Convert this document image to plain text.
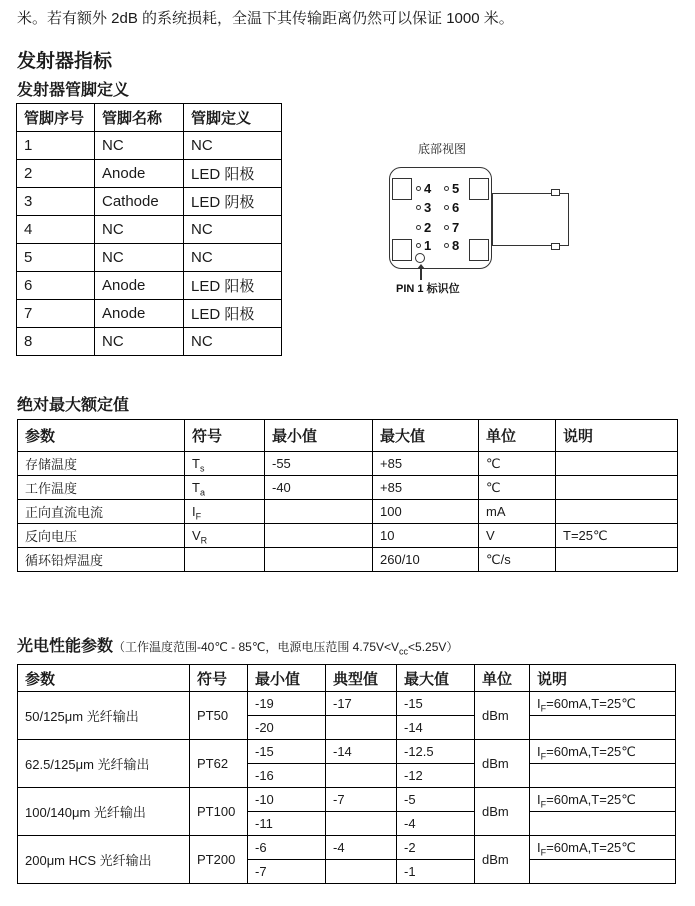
米。若有额外 2dB 的系统损耗，全温下其传输距离仍然可以保证 1000 米。
发射器指标
发射器管脚定义
管脚序号	管脚名称	管脚定义
1	NC	NC
2	Anode	LED 阳极
3	Cathode	LED 阴极
4	NC	NC
5	NC	NC
6	Anode	LED 阳极
7	Anode	LED 阳极
8	NC	NC
底部视图
4
3
2
1
5
6
7
8
PIN 1 标识位
绝对最大额定值
参数	符号	最小值	最大值	单位	说明
存储温度	$T_s$	-55	+85	℃	
工作温度	$T_a$	-40	+85	℃	
正向直流电流	$I_F$		100	mA	
反向电压	$V_R$		10	V	T=25℃
循环铅焊温度			260/10	℃/s	
光电性能参数（工作温度范围-40℃ - 85℃，电源电压范围 $4.75V<V_{cc}<5.25V$）
参数	符号	最小值	典型值	最大值	单位	说明
50/125μm 光纤输出	PT50	-19	-17	-15	dBm	$I_F=60mA,T=25℃$
		-20		-14		
62.5/125μm 光纤输出	PT62	-15	-14	-12.5	dBm	$I_F=60mA,T=25℃$
		-16		-12		
100/140μm 光纤输出	PT100	-10	-7	-5	dBm	$I_F=60mA,T=25℃$
		-11		-4		
200μm HCS 光纤输出	PT200	-6	-4	-2	dBm	$I_F=60mA,T=25℃$
		-7		-1		
